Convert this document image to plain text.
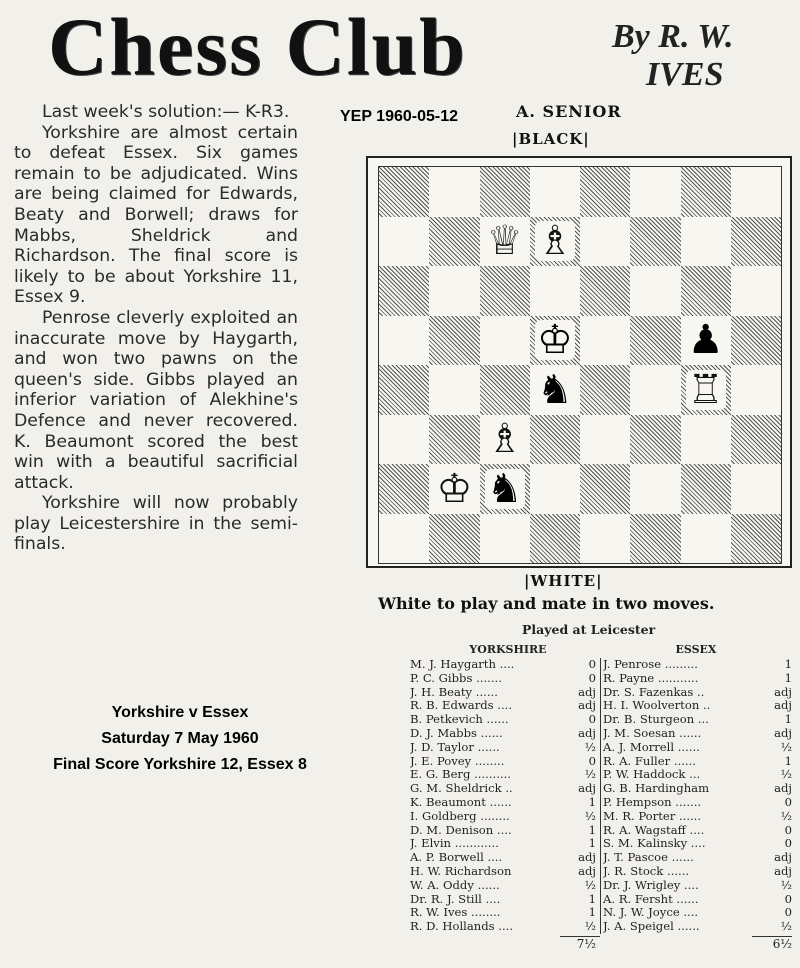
Chess Club	By R. W.
IVES

Last week's solution:— K-R3.

Yorkshire are almost certain to defeat Essex. Six games remain to be adjudicated. Wins are being claimed for Edwards, Beaty and Borwell; draws for Mabbs, Sheldrick and Richardson. The final score is likely to be about Yorkshire 11, Essex 9.

Penrose cleverly exploited an inaccurate move by Haygarth, and won two pawns on the queen's side. Gibbs played an inferior variation of Alekhine's Defence and never recovered. K. Beaumont scored the best win with a beautiful sacrificial attack.

Yorkshire will now probably play Leicestershire in the semi-finals.

YEP 1960-05-12	A. SENIOR
|BLACK|
♕ ♗
♔	♟
♞	♖
♗
♔ ♞
|WHITE|
White to play and mate in two moves.
Played at Leicester
Yorkshire v Essex
Saturday 7 May 1960
Final Score Yorkshire 12, Essex 8
YORKSHIRE	ESSEX
M. J. Haygarth ....	0 J. Penrose .........	1
P. C. Gibbs .......	0 R. Payne ...........	1
J. H. Beaty ......	adj Dr. S. Fazenkas ..	adj
R. B. Edwards ....	adj H. I. Woolverton ..	adj
B. Petkevich ......	0 Dr. B. Sturgeon ...	1
D. J. Mabbs ......	adj J. M. Soesan ......	adj
J. D. Taylor ......	½ A. J. Morrell ......	½
J. E. Povey ........	0 R. A. Fuller ......	1
E. G. Berg ..........	½ P. W. Haddock ...	½
G. M. Sheldrick ..	adj G. B. Hardingham	adj
K. Beaumont ......	1 P. Hempson .......	0
I. Goldberg ........	½ M. R. Porter ......	½
D. M. Denison ....	1 R. A. Wagstaff ....	0
J. Elvin ............	1 S. M. Kalinsky ....	0
A. P. Borwell ....	adj J. T. Pascoe ......	adj
H. W. Richardson	adj J. R. Stock ......	adj
W. A. Oddy ......	½ Dr. J. Wrigley ....	½
Dr. R. J. Still ....	1 A. R. Fersht ......	0
R. W. Ives ........	1 N. J. W. Joyce ....	0
R. D. Hollands ....	½ J. A. Speigel ......	½
7½	6½
